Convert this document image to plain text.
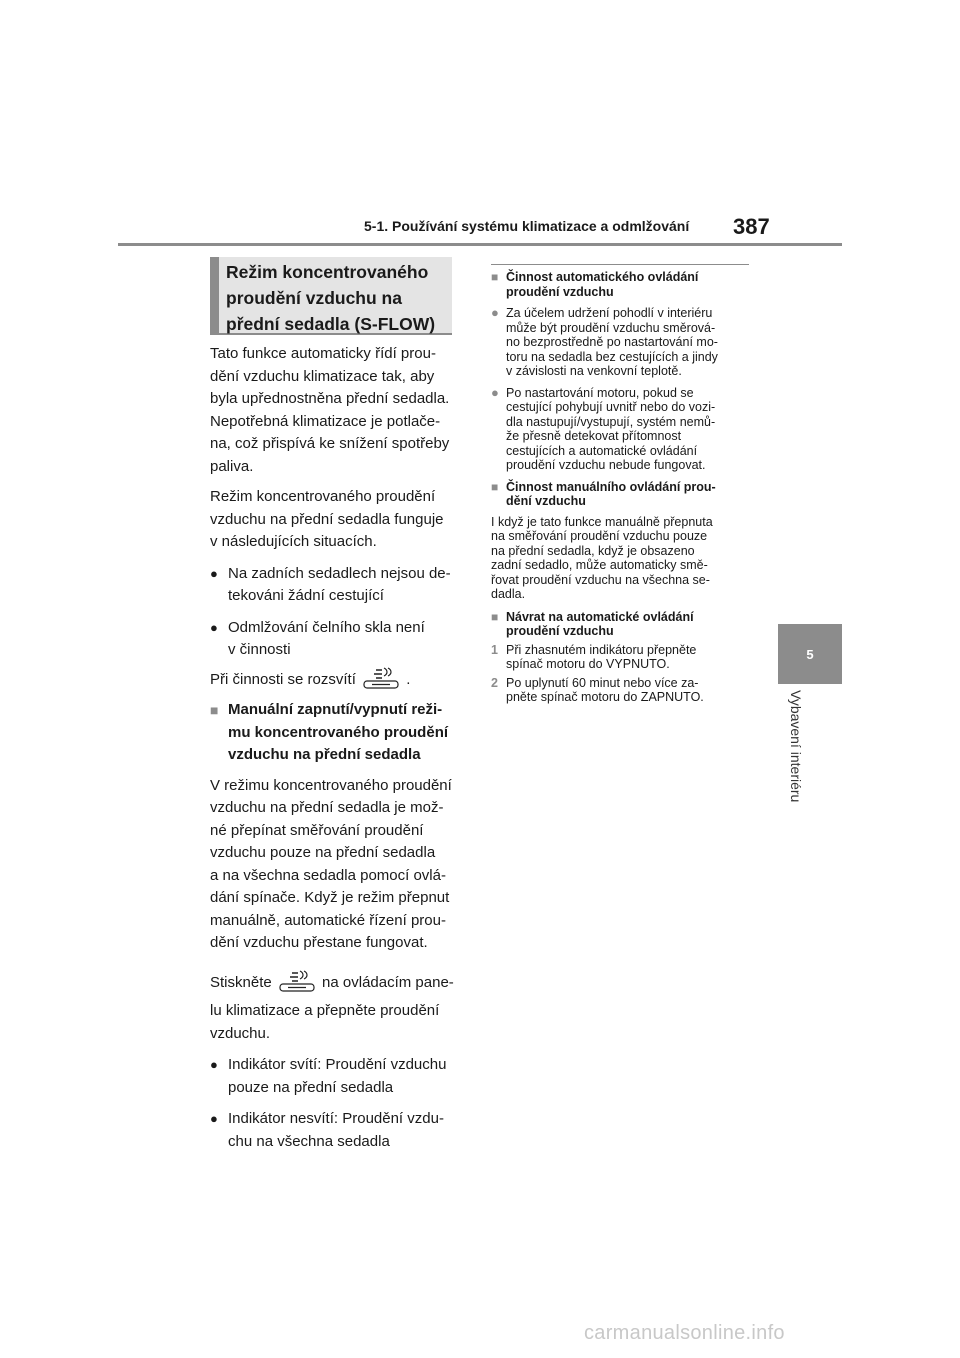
5-1. Používání systému klimatizace a odmlžování 387
5
Vybavení interiéru
Režim koncentrovaného proudění vzduchu na přední sedadla (S-FLOW)
Tato funkce automaticky řídí prou-
dění vzduchu klimatizace tak, aby
byla upřednostněna přední sedadla.
Nepotřebná klimatizace je potlače-
na, což přispívá ke snížení spotřeby
paliva.
Režim koncentrovaného proudění
vzduchu na přední sedadla funguje
v následujících situacích.
● Na zadních sedadlech nejsou de-
tekováni žádní cestující
● Odmlžování čelního skla není
v činnosti
Při činnosti se rozsvítí	.
■ Manuální zapnutí/vypnutí reži-
mu koncentrovaného proudění
vzduchu na přední sedadla
V režimu koncentrovaného proudění
vzduchu na přední sedadla je mož-
né přepínat směřování proudění
vzduchu pouze na přední sedadla
a na všechna sedadla pomocí ovlá-
dání spínače. Když je režim přepnut
manuálně, automatické řízení prou-
dění vzduchu přestane fungovat.
Stiskněte	na ovládacím pane-
lu klimatizace a přepněte proudění
vzduchu.
● Indikátor svítí: Proudění vzduchu
pouze na přední sedadla
● Indikátor nesvítí: Proudění vzdu-
chu na všechna sedadla
■ Činnost automatického ovládání
proudění vzduchu
● Za účelem udržení pohodlí v interiéru
může být proudění vzduchu směrová-
no bezprostředně po nastartování mo-
toru na sedadla bez cestujících a jindy
v závislosti na venkovní teplotě.
● Po nastartování motoru, pokud se
cestující pohybují uvnitř nebo do vozi-
dla nastupují/vystupují, systém nemů-
že přesně detekovat přítomnost
cestujících a automatické ovládání
proudění vzduchu nebude fungovat.
■ Činnost manuálního ovládání prou-
dění vzduchu
I když je tato funkce manuálně přepnuta
na směřování proudění vzduchu pouze
na přední sedadla, když je obsazeno
zadní sedadlo, může automaticky smě-
řovat proudění vzduchu na všechna se-
dadla.
■ Návrat na automatické ovládání
proudění vzduchu
1 Při zhasnutém indikátoru přepněte
spínač motoru do VYPNUTO.
2 Po uplynutí 60 minut nebo více za-
pněte spínač motoru do ZAPNUTO.
carmanualsonline.info
